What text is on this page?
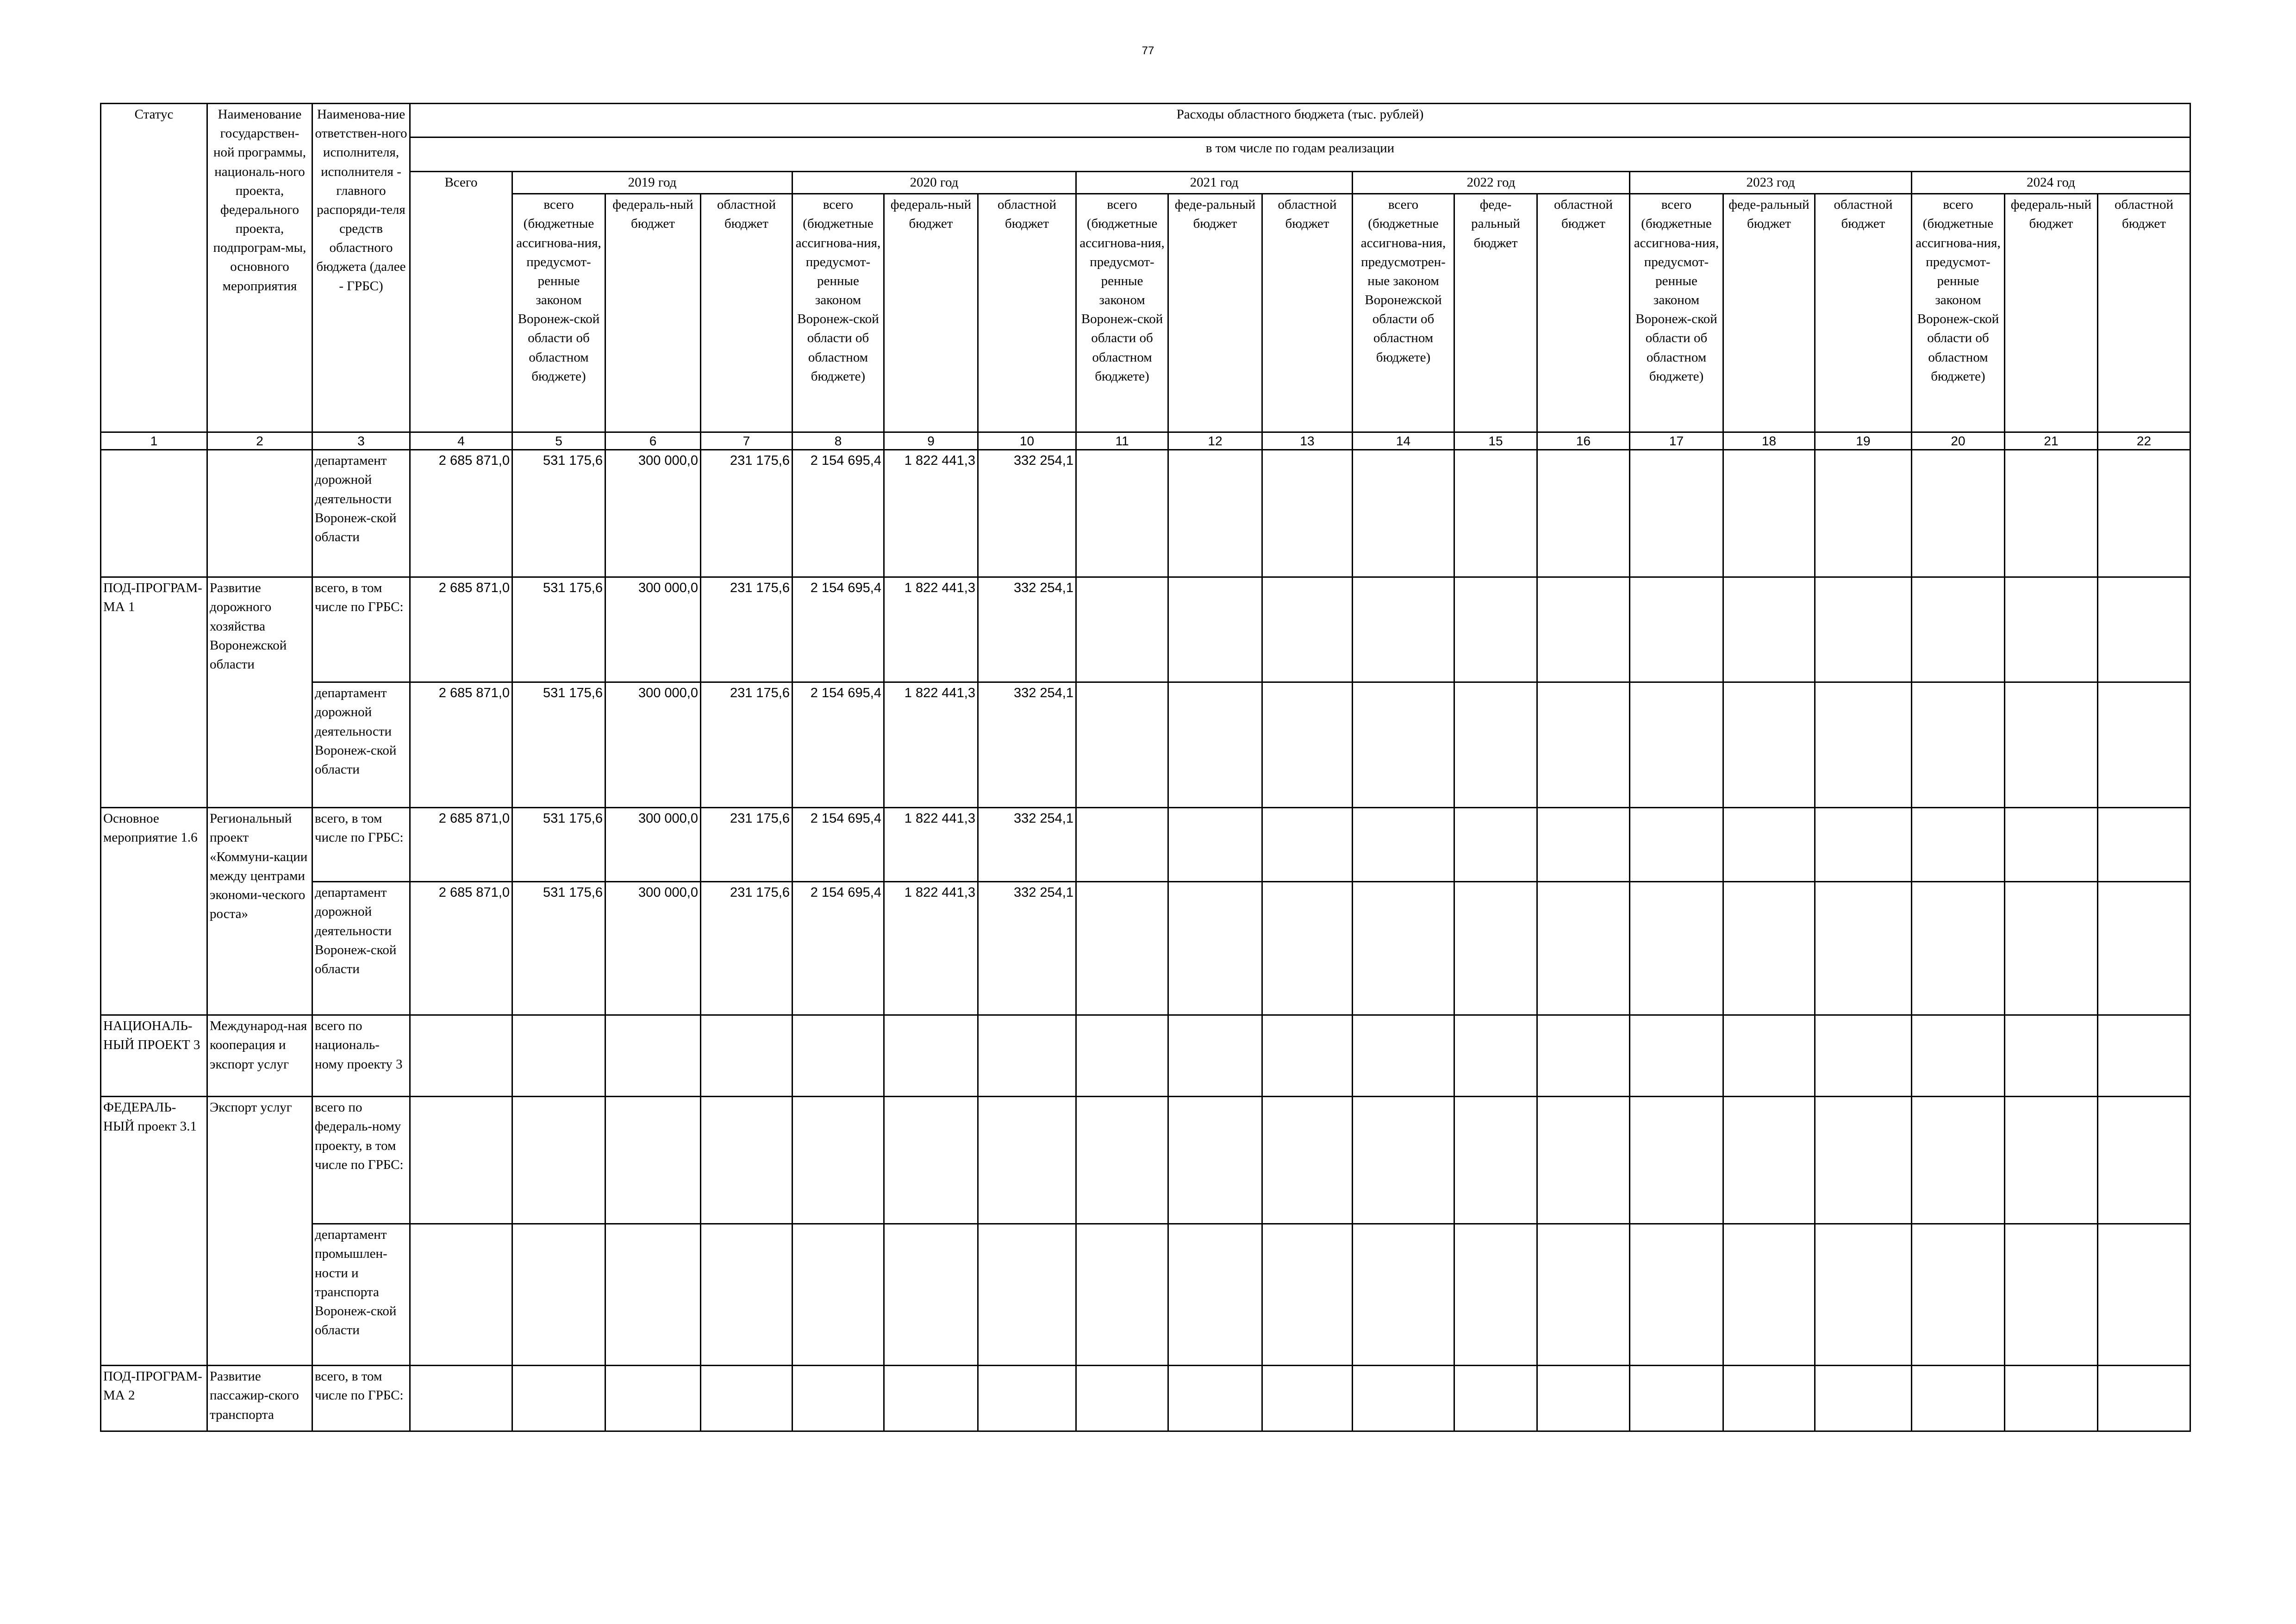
77
Статус	Наименование государствен-ной программы, националь-ного проекта, федерального проекта, подпрограм-мы, основного мероприятия	Наименова-ние ответствен-ного исполнителя, исполнителя - главного распоряди-теля средств областного бюджета (далее - ГРБС)	Расходы областного бюджета (тыс. рублей)																		
			в том числе по годам реализации																		
			Всего	2019 год			2020 год			2021 год			2022 год			2023 год			2024 год		
				всего (бюджетные ассигнова-ния, предусмот-ренные законом Воронеж-ской области об областном бюджете)	федераль-ный бюджет	областной бюджет	всего (бюджетные ассигнова-ния, предусмот-ренные законом Воронеж-ской области об областном бюджете)	федераль-ный бюджет	областной бюджет	всего (бюджетные ассигнова-ния, предусмот-ренные законом Воронеж-ской области об областном бюджете)	феде-ральный бюджет	областной бюджет	всего (бюджетные ассигнова-ния, предусмотрен-ные законом Воронежской области об областном бюджете)	феде-ральный бюджет	областной бюджет	всего (бюджетные ассигнова-ния, предусмот-ренные законом Воронеж-ской области об областном бюджете)	феде-ральный бюджет	областной бюджет	всего (бюджетные ассигнова-ния, предусмот-ренные законом Воронеж-ской области об областном бюджете)	федераль-ный бюджет	областной бюджет
1	2	3	4	5	6	7	8	9	10	11	12	13	14	15	16	17	18	19	20	21	22
		департамент дорожной деятельности Воронеж-ской области	2 685 871,0	531 175,6	300 000,0	231 175,6	2 154 695,4	1 822 441,3	332 254,1												
ПОД-ПРОГРАМ-МА 1	Развитие дорожного хозяйства Воронежской области	всего, в том числе по ГРБС:	2 685 871,0	531 175,6	300 000,0	231 175,6	2 154 695,4	1 822 441,3	332 254,1												
		департамент дорожной деятельности Воронеж-ской области	2 685 871,0	531 175,6	300 000,0	231 175,6	2 154 695,4	1 822 441,3	332 254,1												
Основное мероприятие 1.6	Региональный проект «Коммуни-кации между центрами экономи-ческого роста»	всего, в том числе по ГРБС:	2 685 871,0	531 175,6	300 000,0	231 175,6	2 154 695,4	1 822 441,3	332 254,1												
		департамент дорожной деятельности Воронеж-ской области	2 685 871,0	531 175,6	300 000,0	231 175,6	2 154 695,4	1 822 441,3	332 254,1												
НАЦИОНАЛЬ-НЫЙ ПРОЕКТ 3	Международ-ная кооперация и экспорт услуг	всего по националь-ному проекту 3																			
ФЕДЕРАЛЬ-НЫЙ проект 3.1	Экспорт услуг	всего по федераль-ному проекту, в том числе по ГРБС:																			
		департамент промышлен-ности и транспорта Воронеж-ской области																			
ПОД-ПРОГРАМ-МА 2	Развитие пассажир-ского транспорта	всего, в том числе по ГРБС:																			
